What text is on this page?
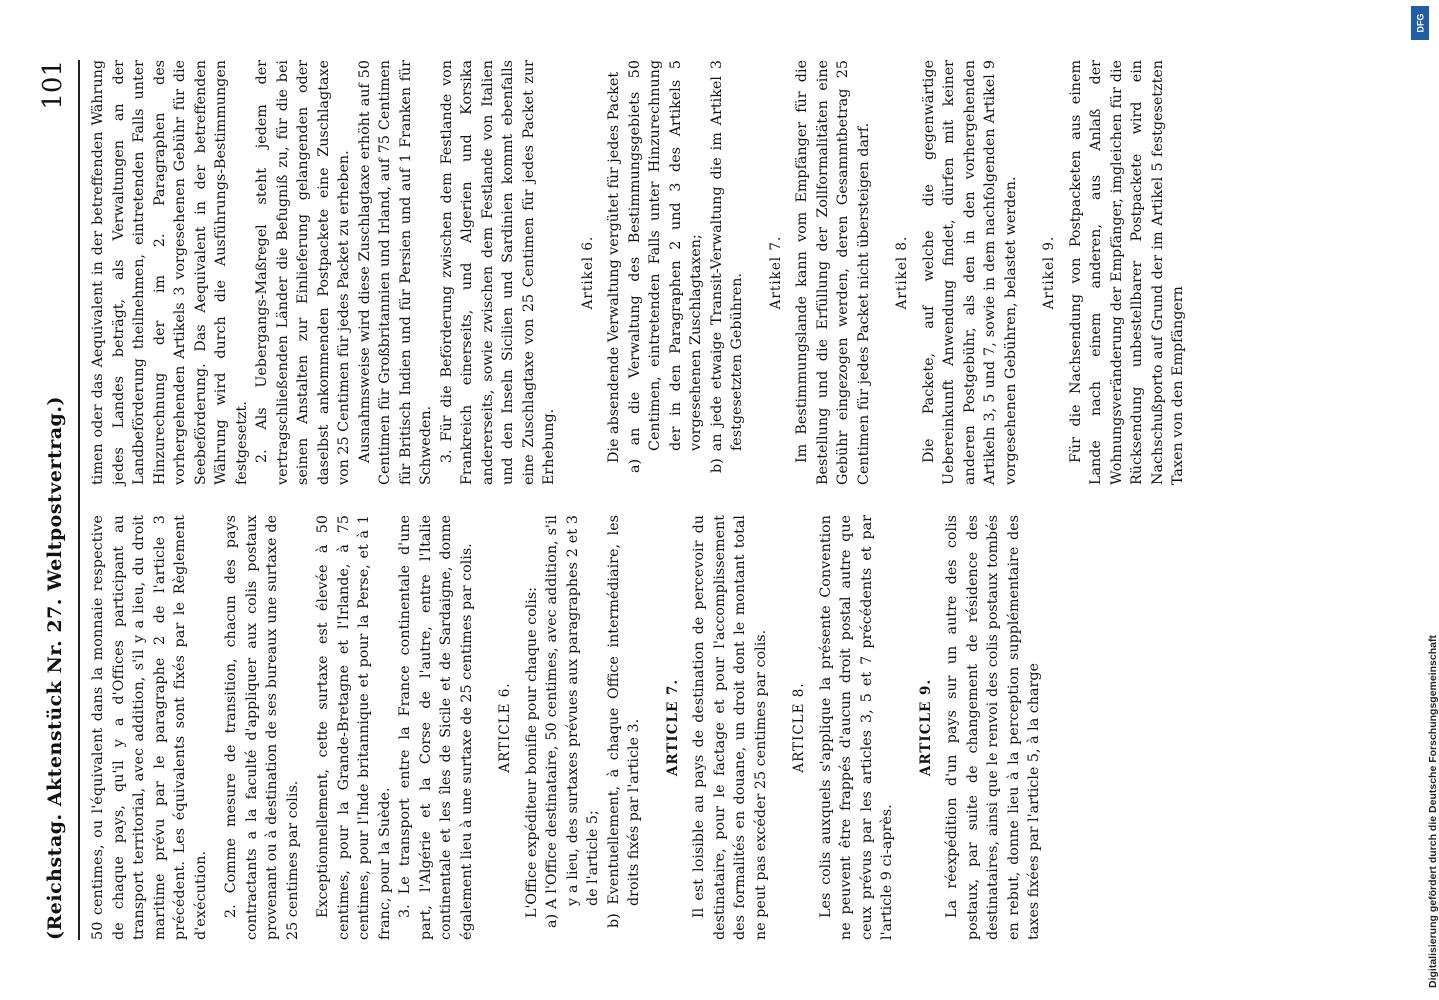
(Reichstag. Aktenstück Nr. 27. Weltpostvertrag.)
101

50 centimes, ou l'équivalent dans la monnaie respective de chaque pays, qu'il y a d'Offices participant au transport territorial, avec addition, s'il y a lieu, du droit maritime prévu par le paragraphe 2 de l'article 3 précédent. Les équivalents sont fixés par le Règlement d'exécution. 2. Comme mesure de transition, chacun des pays contractants a la faculté d'appliquer aux colis postaux provenant ou à destination de ses bureaux une surtaxe de 25 centimes par colis. Exceptionnellement, cette surtaxe est élevée à 50 centimes, pour la Grande-Bretagne et l'Irlande, à 75 centimes, pour l'Inde britannique et pour la Perse, et à 1 franc, pour la Suède. 3. Le transport entre la France continentale d'une part, l'Algérie et la Corse de l'autre, entre l'Italie continentale et les îles de Sicile et de Sardaigne, donne également lieu à une surtaxe de 25 centimes par colis. ARTICLE 6. L'Office expéditeur bonifie pour chaque colis: a) A l'Office destinataire, 50 centimes, avec addition, s'il y a lieu, des surtaxes prévues aux paragraphes 2 et 3 de l'article 5; b) Eventuellement, à chaque Office intermédiaire, les droits fixés par l'article 3. ARTICLE 7. Il est loisible au pays de destination de percevoir du destinataire, pour le factage et pour l'accomplissement des formalités en douane, un droit dont le montant total ne peut pas excéder 25 centimes par colis. ARTICLE 8. Les colis auxquels s'applique la présente Convention ne peuvent être frappés d'aucun droit postal autre que ceux prévus par les articles 3, 5 et 7 précédents et par l'article 9 ci-après.

ARTICLE 9. La réexpédition d'un pays sur un autre des colis postaux, par suite de changement de résidence des destinataires, ainsi que le renvoi des colis postaux tombés en rebut, donne lieu à la perception supplémentaire des taxes fixées par l'article 5, à la charge

timen oder das Aequivalent in der betreffenden Währung jedes Landes beträgt, als Verwaltungen an der Landbeförderung theilnehmen, eintretenden Falls unter Hinzurechnung der im 2. Paragraphen des vorhergehenden Artikels 3 vorgesehenen Gebühr für die Seebeförderung. Das Aequivalent in der betreffenden Währung wird durch die Ausführungs-Bestimmungen festgesetzt. 2. Als Uebergangs-Maßregel steht jedem der vertragschließenden Länder die Befugniß zu, für die bei seinen Anstalten zur Einlieferung gelangenden oder daselbst ankommenden Postpackete eine Zuschlagtaxe von 25 Centimen für jedes Packet zu erheben. Ausnahmsweise wird diese Zuschlagtaxe erhöht auf 50 Centimen für Großbritannien und Irland, auf 75 Centimen für Britisch Indien und für Persien und auf 1 Franken für Schweden. 3. Für die Beförderung zwischen dem Festlande von Frankreich einerseits, und Algerien und Korsika andererseits, sowie zwischen dem Festlande von Italien und den Inseln Sicilien und Sardinien kommt ebenfalls eine Zuschlagtaxe von 25 Centimen für jedes Packet zur Erhebung.

Artikel 6. Die absendende Verwaltung vergütet für jedes Packet a) an die Verwaltung des Bestimmungsgebiets 50 Centimen, eintretenden Falls unter Hinzurechnung der in den Paragraphen 2 und 3 des Artikels 5 vorgesehenen Zuschlagtaxen; b) an jede etwaige Transit-Verwaltung die im Artikel 3 festgesetzten Gebühren.

Artikel 7. Im Bestimmungslande kann vom Empfänger für die Bestellung und die Erfüllung der Zollformalitäten eine Gebühr eingezogen werden, deren Gesammtbetrag 25 Centimen für jedes Packet nicht übersteigen darf. Artikel 8. Die Packete, auf welche die gegenwärtige Uebereinkunft Anwendung findet, dürfen mit keiner anderen Postgebühr, als den in den vorhergehenden Artikeln 3, 5 und 7, sowie in dem nachfolgenden Artikel 9 vorgesehenen Gebühren, belastet werden. Artikel 9. Für die Nachsendung von Postpacketen aus einem Lande nach einem anderen, aus Anlaß der Wohnungsveränderung der Empfänger, imgleichen für die Rücksendung unbestellbarer Postpackete wird ein Nachschußporto auf Grund der im Artikel 5 festgesetzten Taxen von den Empfängern

Digitalisierung gefördert durch die Deutsche Forschungsgemeinschaft
DFG
